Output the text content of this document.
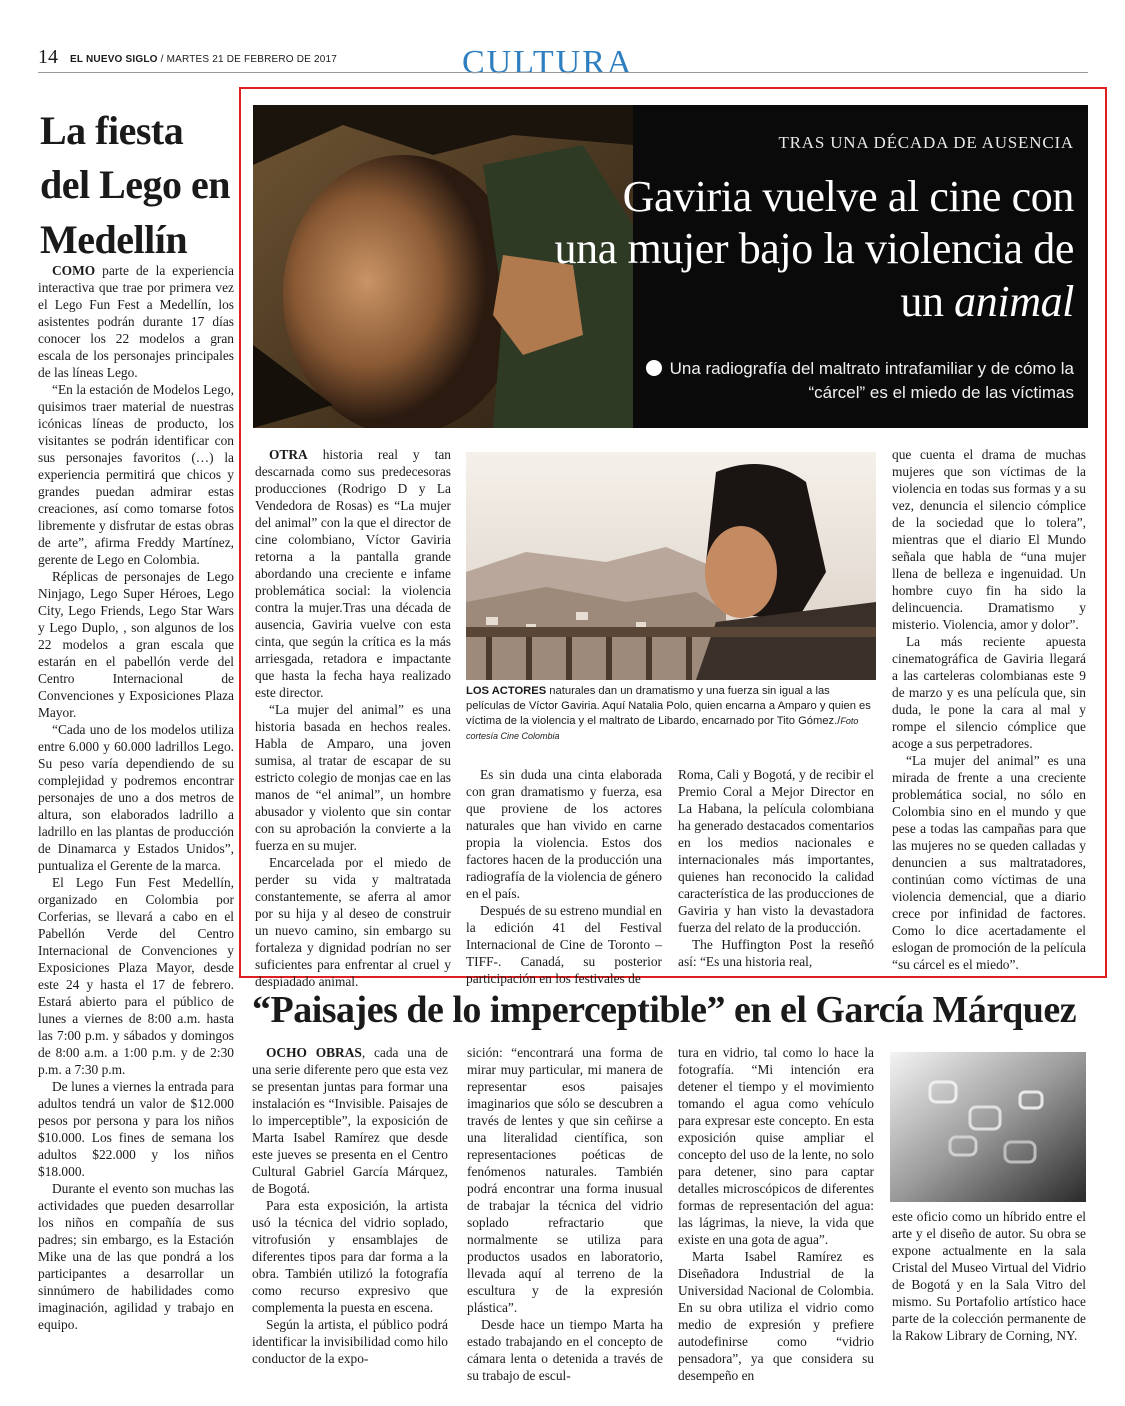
14 EL NUEVO SIGLO / MARTES 21 DE FEBRERO DE 2017	CULTURA
La fiesta del Lego en Medellín

COMO parte de la experiencia interactiva que trae por primera vez el Lego Fun Fest a Medellín, los asistentes podrán durante 17 días conocer los 22 modelos a gran escala de los personajes principales de las líneas Lego.

“En la estación de Modelos Lego, quisimos traer material de nuestras icónicas líneas de producto, los visitantes se podrán identificar con sus personajes favoritos (…) la experiencia permitirá que chicos y grandes puedan admirar estas creaciones, así como tomarse fotos libremente y disfrutar de estas obras de arte”, afirma Freddy Martínez, gerente de Lego en Colombia.

Réplicas de personajes de Lego Ninjago, Lego Super Héroes, Lego City, Lego Friends, Lego Star Wars y Lego Duplo, , son algunos de los 22 modelos a gran escala que estarán en el pabellón verde del Centro Internacional de Convenciones y Exposiciones Plaza Mayor.

“Cada uno de los modelos utiliza entre 6.000 y 60.000 ladrillos Lego. Su peso varía dependiendo de su complejidad y podremos encontrar personajes de uno a dos metros de altura, son elaborados ladrillo a ladrillo en las plantas de producción de Dinamarca y Estados Unidos”, puntualiza el Gerente de la marca.

El Lego Fun Fest Medellín, organizado en Colombia por Corferias, se llevará a cabo en el Pabellón Verde del Centro Internacional de Convenciones y Exposiciones Plaza Mayor, desde este 24 y hasta el 17 de febrero. Estará abierto para el público de lunes a viernes de 8:00 a.m. hasta las 7:00 p.m. y sábados y domingos de 8:00 a.m. a 1:00 p.m. y de 2:30 p.m. a 7:30 p.m.

De lunes a viernes la entrada para adultos tendrá un valor de $12.000 pesos por persona y para los niños $10.000. Los fines de semana los adultos $22.000 y los niños $18.000.

Durante el evento son muchas las actividades que pueden desarrollar los niños en compañía de sus padres; sin embargo, es la Estación Mike una de las que pondrá a los participantes a desarrollar un sinnúmero de habilidades como imaginación, agilidad y trabajo en equipo.

TRAS UNA DÉCADA DE AUSENCIA
Gaviria vuelve al cine con una mujer bajo la violencia de un animal
Una radiografía del maltrato intrafamiliar y de cómo la “cárcel” es el miedo de las víctimas

OTRA historia real y tan descarnada como sus predecesoras producciones (Rodrigo D y La Vendedora de Rosas) es “La mujer del animal” con la que el director de cine colombiano, Víctor Gaviria retorna a la pantalla grande abordando una creciente e infame problemática social: la violencia contra la mujer.Tras una década de ausencia, Gaviria vuelve con esta cinta, que según la crítica es la más arriesgada, retadora e impactante que hasta la fecha haya realizado este director.

“La mujer del animal” es una historia basada en hechos reales. Habla de Amparo, una joven sumisa, al tratar de escapar de su estricto colegio de monjas cae en las manos de “el animal”, un hombre abusador y violento que sin contar con su aprobación la convierte a la fuerza en su mujer.

Encarcelada por el miedo de perder su vida y maltratada constantemente, se aferra al amor por su hija y al deseo de construir un nuevo camino, sin embargo su fortaleza y dignidad podrían no ser suficientes para enfrentar al cruel y despiadado animal.

LOS ACTORES naturales dan un dramatismo y una fuerza sin igual a las películas de Víctor Gaviria. Aquí Natalia Polo, quien encarna a Amparo y quien es víctima de la violencia y el maltrato de Libardo, encarnado por Tito Gómez./Foto cortesía Cine Colombia

Es sin duda una cinta elaborada con gran dramatismo y fuerza, esa que proviene de los actores naturales que han vivido en carne propia la violencia. Estos dos factores hacen de la producción una radiografía de la violencia de género en el país.

Después de su estreno mundial en la edición 41 del Festival Internacional de Cine de Toronto –TIFF-. Canadá, su posterior participación en los festivales de

Roma, Cali y Bogotá, y de recibir el Premio Coral a Mejor Director en La Habana, la película colombiana ha generado destacados comentarios en los medios nacionales e internacionales más importantes, quienes han reconocido la calidad característica de las producciones de Gaviria y han visto la devastadora fuerza del relato de la producción.

The Huffington Post la reseñó así: “Es una historia real,

que cuenta el drama de muchas mujeres que son víctimas de la violencia en todas sus formas y a su vez, denuncia el silencio cómplice de la sociedad que lo tolera”, mientras que el diario El Mundo señala que habla de “una mujer llena de belleza e ingenuidad. Un hombre cuyo fin ha sido la delincuencia. Dramatismo y misterio. Violencia, amor y dolor”.

La más reciente apuesta cinematográfica de Gaviria llegará a las carteleras colombianas este 9 de marzo y es una película que, sin duda, le pone la cara al mal y rompe el silencio cómplice que acoge a sus perpetradores.

“La mujer del animal” es una mirada de frente a una creciente problemática social, no sólo en Colombia sino en el mundo y que pese a todas las campañas para que las mujeres no se queden calladas y denuncien a sus maltratadores, continúan como víctimas de una violencia demencial, que a diario crece por infinidad de factores. Como lo dice acertadamente el eslogan de promoción de la película “su cárcel es el miedo”.

“Paisajes de lo imperceptible” en el García Márquez

OCHO OBRAS, cada una de una serie diferente pero que esta vez se presentan juntas para formar una instalación es “Invisible. Paisajes de lo imperceptible”, la exposición de Marta Isabel Ramírez que desde este jueves se presenta en el Centro Cultural Gabriel García Márquez, de Bogotá.

Para esta exposición, la artista usó la técnica del vidrio soplado, vitrofusión y ensamblajes de diferentes tipos para dar forma a la obra. También utilizó la fotografía como recurso expresivo que complementa la puesta en escena.

Según la artista, el público podrá identificar la invisibilidad como hilo conductor de la expo-

sición: “encontrará una forma de mirar muy particular, mi manera de representar esos paisajes imaginarios que sólo se descubren a través de lentes y que sin ceñirse a una literalidad científica, son representaciones poéticas de fenómenos naturales. También podrá encontrar una forma inusual de trabajar la técnica del vidrio soplado refractario que normalmente se utiliza para productos usados en laboratorio, llevada aquí al terreno de la escultura y de la expresión plástica”.

Desde hace un tiempo Marta ha estado trabajando en el concepto de cámara lenta o detenida a través de su trabajo de escul-

tura en vidrio, tal como lo hace la fotografía. “Mi intención era detener el tiempo y el movimiento tomando el agua como vehículo para expresar este concepto. En esta exposición quise ampliar el concepto del uso de la lente, no solo para detener, sino para captar detalles microscópicos de diferentes formas de representación del agua: las lágrimas, la nieve, la vida que existe en una gota de agua”.

Marta Isabel Ramírez es Diseñadora Industrial de la Universidad Nacional de Colombia. En su obra utiliza el vidrio como medio de expresión y prefiere autodefinirse como “vidrio pensadora”, ya que considera su desempeño en

este oficio como un híbrido entre el arte y el diseño de autor. Su obra se expone actualmente en la sala Cristal del Museo Virtual del Vidrio de Bogotá y en la Sala Vitro del mismo. Su Portafolio artístico hace parte de la colección permanente de la Rakow Library de Corning, NY.
